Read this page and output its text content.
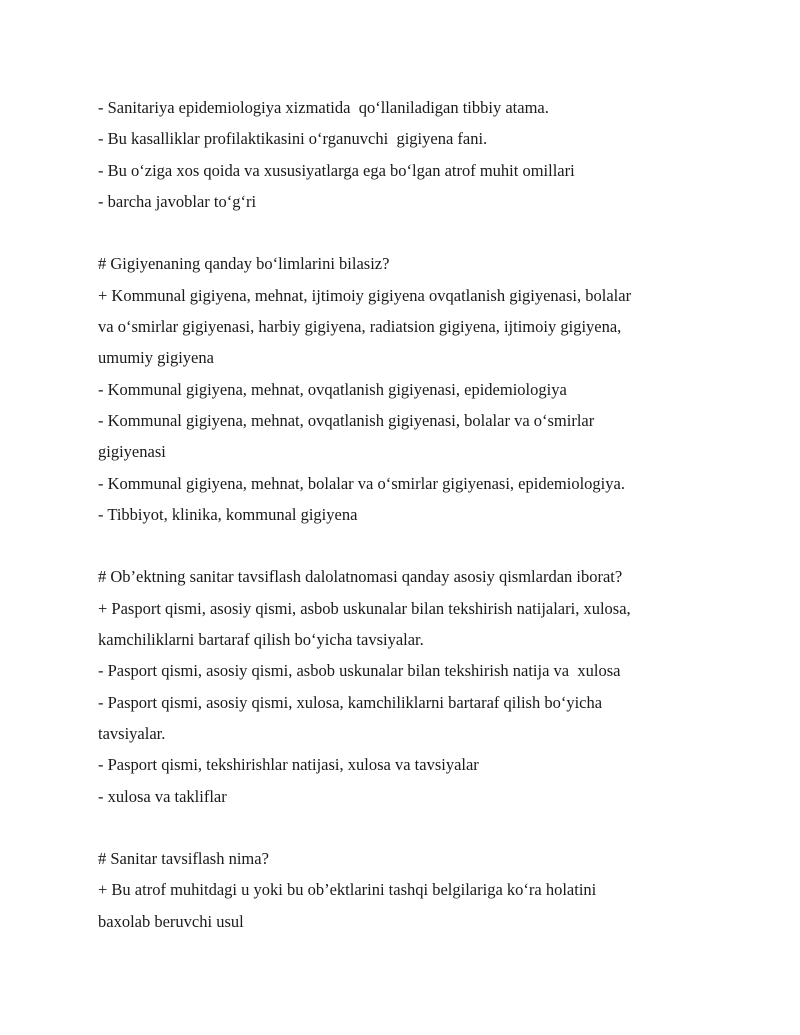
- Sanitariya epidemiologiya xizmatida  qo‘llaniladigan tibbiy atama.
- Bu kasalliklar profilaktikasini o‘rganuvchi  gigiyena fani.
- Bu o‘ziga xos qoida va xususiyatlarga ega bo‘lgan atrof muhit omillari
- barcha javoblar to‘g‘ri
# Gigiyenaning qanday bo‘limlarini bilasiz?
+ Kommunal gigiyena, mehnat, ijtimoiy gigiyena ovqatlanish gigiyenasi, bolalar
va o‘smirlar gigiyenasi, harbiy gigiyena, radiatsion gigiyena, ijtimoiy gigiyena,
umumiy gigiyena
- Kommunal gigiyena, mehnat, ovqatlanish gigiyenasi, epidemiologiya
- Kommunal gigiyena, mehnat, ovqatlanish gigiyenasi, bolalar va o‘smirlar
gigiyenasi
- Kommunal gigiyena, mehnat, bolalar va o‘smirlar gigiyenasi, epidemiologiya.
- Tibbiyot, klinika, kommunal gigiyena
# Ob’ektning sanitar tavsiflash dalolatnomasi qanday asosiy qismlardan iborat?
+ Pasport qismi, asosiy qismi, asbob uskunalar bilan tekshirish natijalari, xulosa,
kamchiliklarni bartaraf qilish bo‘yicha tavsiyalar.
- Pasport qismi, asosiy qismi, asbob uskunalar bilan tekshirish natija va  xulosa
- Pasport qismi, asosiy qismi, xulosa, kamchiliklarni bartaraf qilish bo‘yicha
tavsiyalar.
- Pasport qismi, tekshirishlar natijasi, xulosa va tavsiyalar
- xulosa va takliflar
# Sanitar tavsiflash nima?
+ Bu atrof muhitdagi u yoki bu ob’ektlarini tashqi belgilariga ko‘ra holatini
baxolab beruvchi usul
